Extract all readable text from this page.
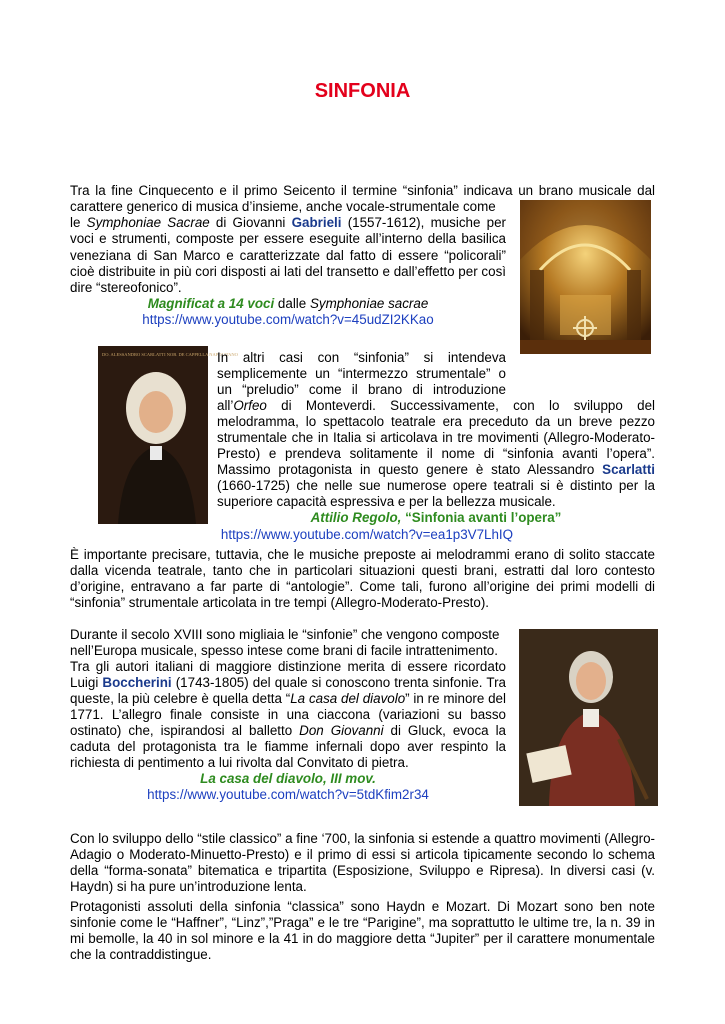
SINFONIA
DO. ALESSANDRO SCARLATTI NOB. DE CAPPELLA NAPOLITANO
Tra la fine Cinquecento e il primo Seicento il termine “sinfonia” indicava un brano musicale dal
carattere generico di musica d’insieme, anche vocale-strumentale come
le Symphoniae Sacrae di Giovanni Gabrieli (1557-1612), musiche per
voci e strumenti, composte per essere eseguite all’interno della basilica
veneziana di San Marco e caratterizzate dal fatto di essere “policorali”
cioè distribuite in più cori disposti ai lati del transetto e dall’effetto per così
dire “stereofonico”.
Magnificat a 14 voci dalle Symphoniae sacrae
https://www.youtube.com/watch?v=45udZI2KKao
In altri casi con “sinfonia” si intendeva
semplicemente un “intermezzo strumentale” o
un “preludio” come il brano di introduzione
all’Orfeo di Monteverdi. Successivamente, con lo sviluppo del
melodramma, lo spettacolo teatrale era preceduto da un breve pezzo
strumentale che in Italia si articolava in tre movimenti (Allegro-Moderato-
Presto) e prendeva solitamente il nome di “sinfonia avanti l’opera”.
Massimo protagonista in questo genere è stato Alessandro Scarlatti
(1660-1725) che nelle sue numerose opere teatrali si è distinto per la
superiore capacità espressiva e per la bellezza musicale.
Attilio Regolo, “Sinfonia avanti l’opera”
https://www.youtube.com/watch?v=ea1p3V7LhIQ
È importante precisare, tuttavia, che le musiche preposte ai melodrammi erano di solito staccate
dalla vicenda teatrale, tanto che in particolari situazioni questi brani, estratti dal loro contesto
d’origine, entravano a far parte di “antologie”. Come tali, furono all’origine dei primi modelli di
“sinfonia” strumentale articolata in tre tempi (Allegro-Moderato-Presto).
Durante il secolo XVIII sono migliaia le “sinfonie” che vengono composte
nell’Europa musicale, spesso intese come brani di facile intrattenimento.
Tra gli autori italiani di maggiore distinzione merita di essere ricordato
Luigi Boccherini (1743-1805) del quale si conoscono trenta sinfonie. Tra
queste, la più celebre è quella detta “La casa del diavolo” in re minore del
1771. L’allegro finale consiste in una ciaccona (variazioni su basso
ostinato) che, ispirandosi al balletto Don Giovanni di Gluck, evoca la
caduta del protagonista tra le fiamme infernali dopo aver respinto la
richiesta di pentimento a lui rivolta dal Convitato di pietra.
La casa del diavolo, III mov.
https://www.youtube.com/watch?v=5tdKfim2r34
Con lo sviluppo dello “stile classico” a fine ‘700, la sinfonia si estende a quattro movimenti (Allegro-
Adagio o Moderato-Minuetto-Presto) e il primo di essi si articola tipicamente secondo lo schema
della “forma-sonata” bitematica e tripartita (Esposizione, Sviluppo e Ripresa). In diversi casi (v.
Haydn) si ha pure un’introduzione lenta.
Protagonisti assoluti della sinfonia “classica” sono Haydn e Mozart. Di Mozart sono ben note
sinfonie come le “Haffner”, “Linz”,”Praga” e le tre “Parigine”, ma soprattutto le ultime tre, la n. 39 in
mi bemolle, la 40 in sol minore e la 41 in do maggiore detta “Jupiter” per il carattere monumentale
che la contraddistingue.
